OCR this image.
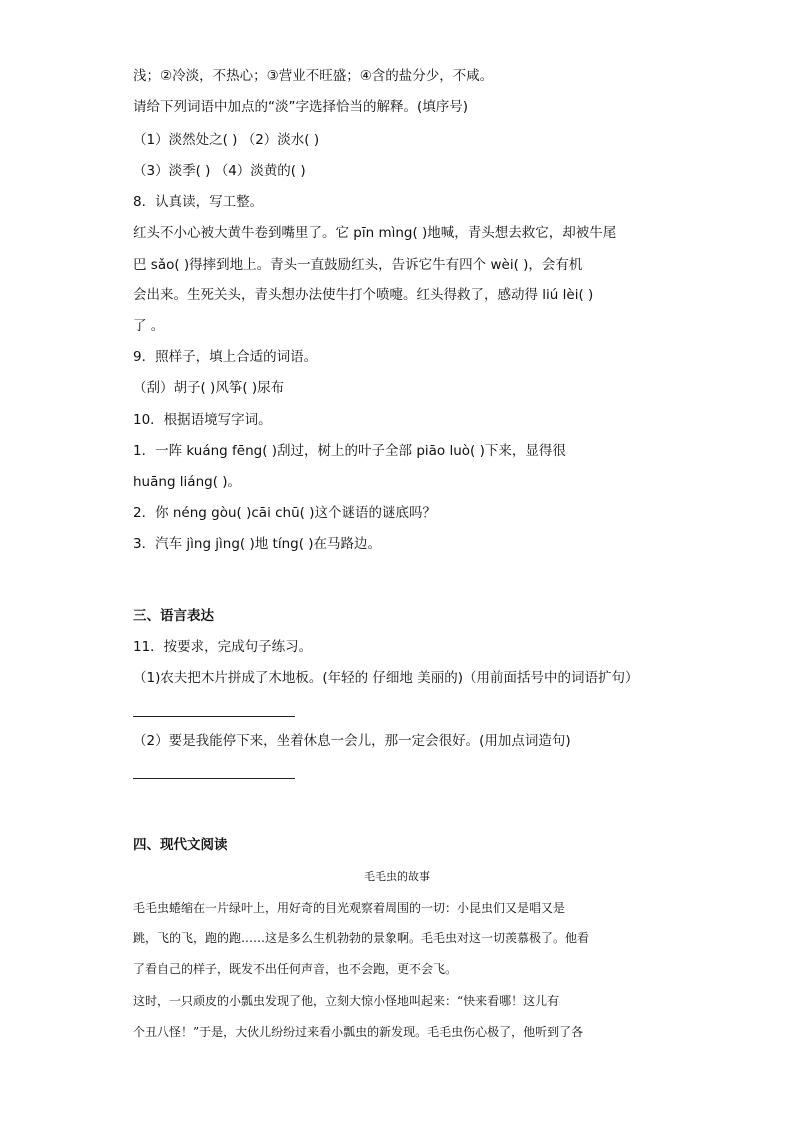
浅；②冷淡，不热心；③营业不旺盛；④含的盐分少，不咸。
请给下列词语中加点的“淡”字选择恰当的解释。(填序号)
（1）淡然处之( ) （2）淡水( )
（3）淡季( ) （4）淡黄的( )
8．认真读，写工整。
红头不小心被大黄牛卷到嘴里了。它 pīn mìng( )地喊，青头想去救它，却被牛尾
巴 sǎo( )得摔到地上。青头一直鼓励红头，告诉它牛有四个 wèi( )，会有机
会出来。生死关头，青头想办法使牛打个喷嚏。红头得救了，感动得 liú lèi( )
了 。
9．照样子，填上合适的词语。
（刮）胡子( )风筝( )尿布
10．根据语境写字词。
1．一阵 kuáng fēng( )刮过，树上的叶子全部 piāo luò( )下来，显得很
huāng liáng( )。
2．你 néng gòu( )cāi chū( )这个谜语的谜底吗？
3．汽车 jìng jìng( )地 tíng( )在马路边。
三、语言表达
11．按要求，完成句子练习。
（1)农夫把木片拼成了木地板。(年轻的 仔细地 美丽的)（用前面括号中的词语扩句）
（2）要是我能停下来，坐着休息一会儿，那一定会很好。(用加点词造句)
四、现代文阅读
毛毛虫的故事
毛毛虫蜷缩在一片绿叶上，用好奇的目光观察着周围的一切：小昆虫们又是唱又是
跳，飞的飞，跑的跑……这是多么生机勃勃的景象啊。毛毛虫对这一切羡慕极了。他看
了看自己的样子，既发不出任何声音，也不会跑，更不会飞。
这时，一只顽皮的小瓢虫发现了他，立刻大惊小怪地叫起来：“快来看哪！这儿有
个丑八怪！”于是，大伙儿纷纷过来看小瓢虫的新发现。毛毛虫伤心极了，他听到了各
